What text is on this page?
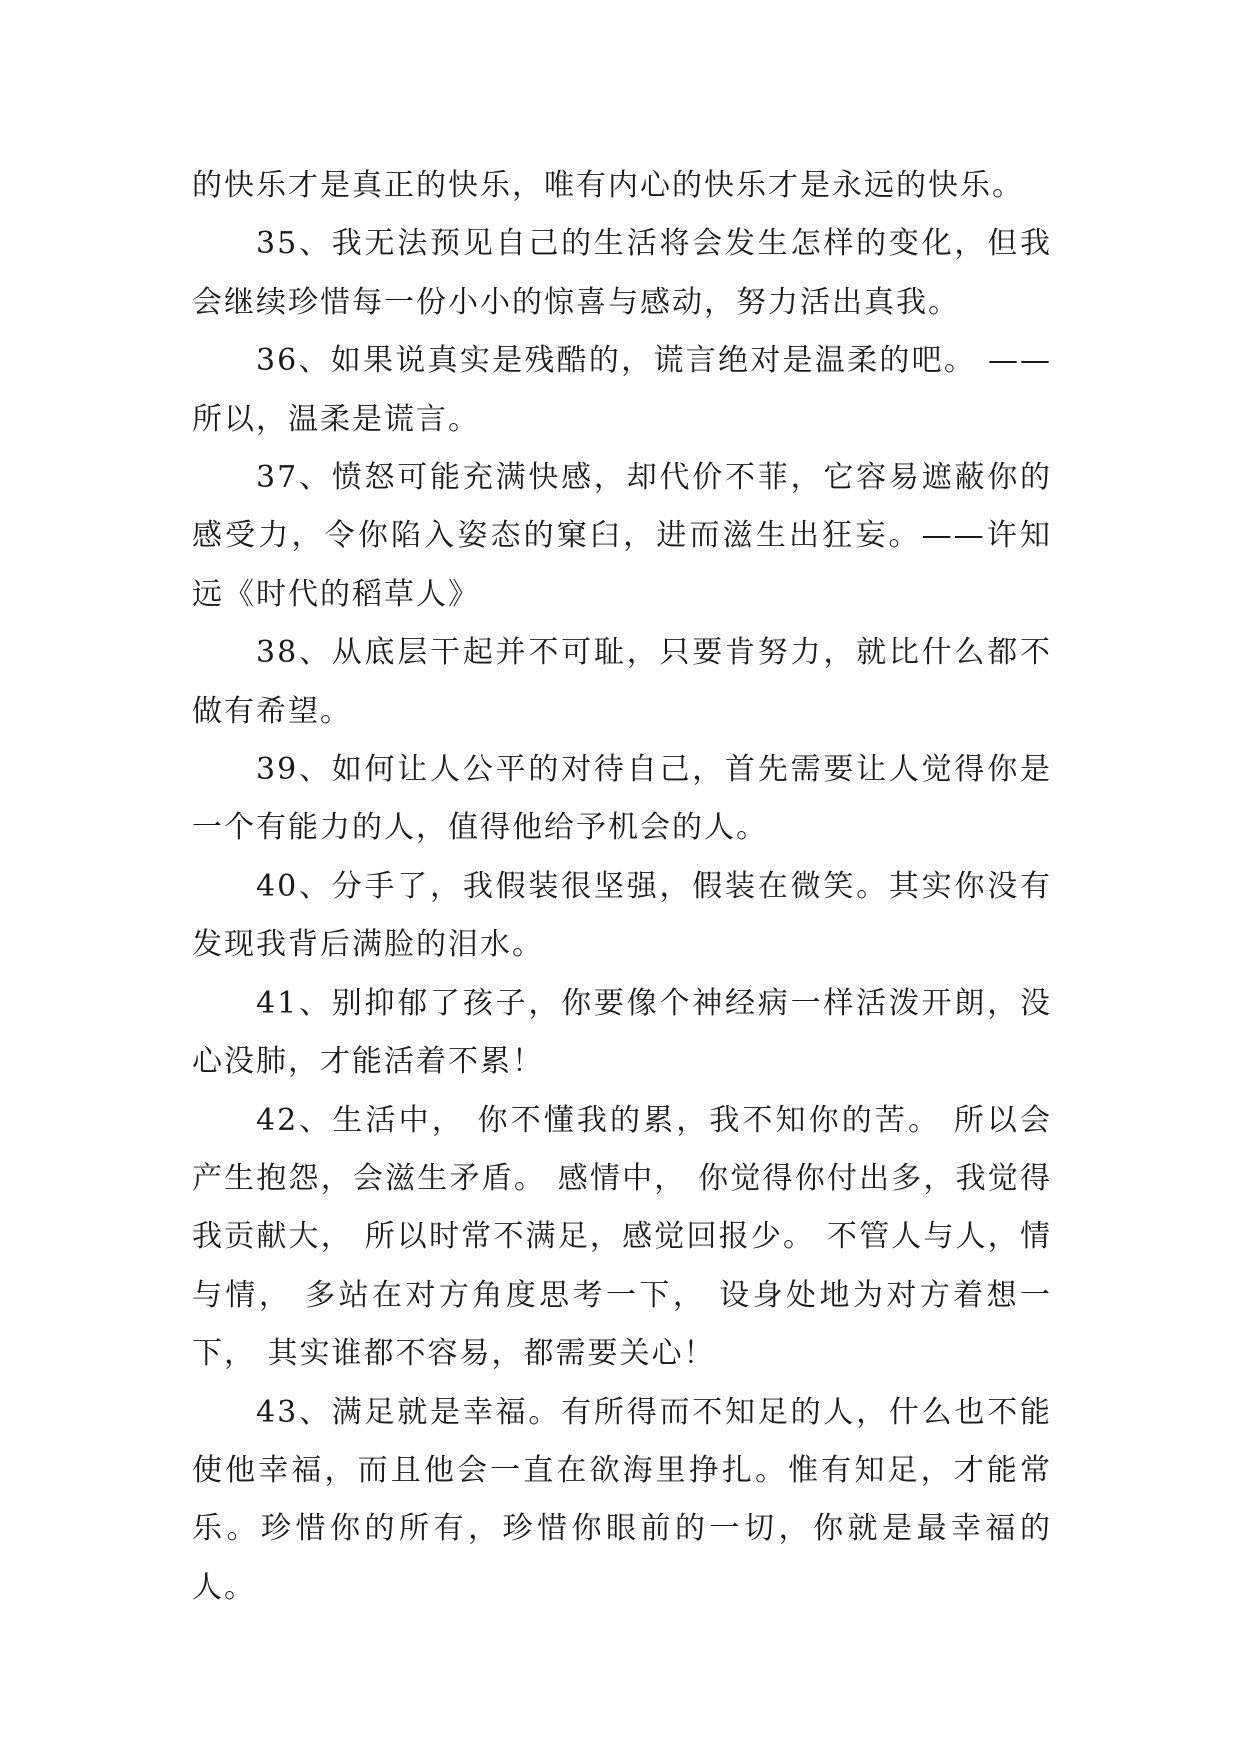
的快乐才是真正的快乐，唯有内心的快乐才是永远的快乐。

35、我无法预见自己的生活将会发生怎样的变化，但我会继续珍惜每一份小小的惊喜与感动，努力活出真我。

36、如果说真实是残酷的，谎言绝对是温柔的吧。 ——所以，温柔是谎言。

37、愤怒可能充满快感，却代价不菲，它容易遮蔽你的感受力，令你陷入姿态的窠臼，进而滋生出狂妄。——许知远《时代的稻草人》

38、从底层干起并不可耻，只要肯努力，就比什么都不做有希望。

39、如何让人公平的对待自己，首先需要让人觉得你是一个有能力的人，值得他给予机会的人。

40、分手了，我假装很坚强，假装在微笑。其实你没有发现我背后满脸的泪水。

41、别抑郁了孩子，你要像个神经病一样活泼开朗，没心没肺，才能活着不累！

42、生活中， 你不懂我的累，我不知你的苦。 所以会产生抱怨，会滋生矛盾。 感情中， 你觉得你付出多，我觉得我贡献大， 所以时常不满足，感觉回报少。 不管人与人，情与情， 多站在对方角度思考一下， 设身处地为对方着想一下， 其实谁都不容易，都需要关心！

43、满足就是幸福。有所得而不知足的人，什么也不能使他幸福，而且他会一直在欲海里挣扎。惟有知足，才能常乐。珍惜你的所有，珍惜你眼前的一切，你就是最幸福的人。
